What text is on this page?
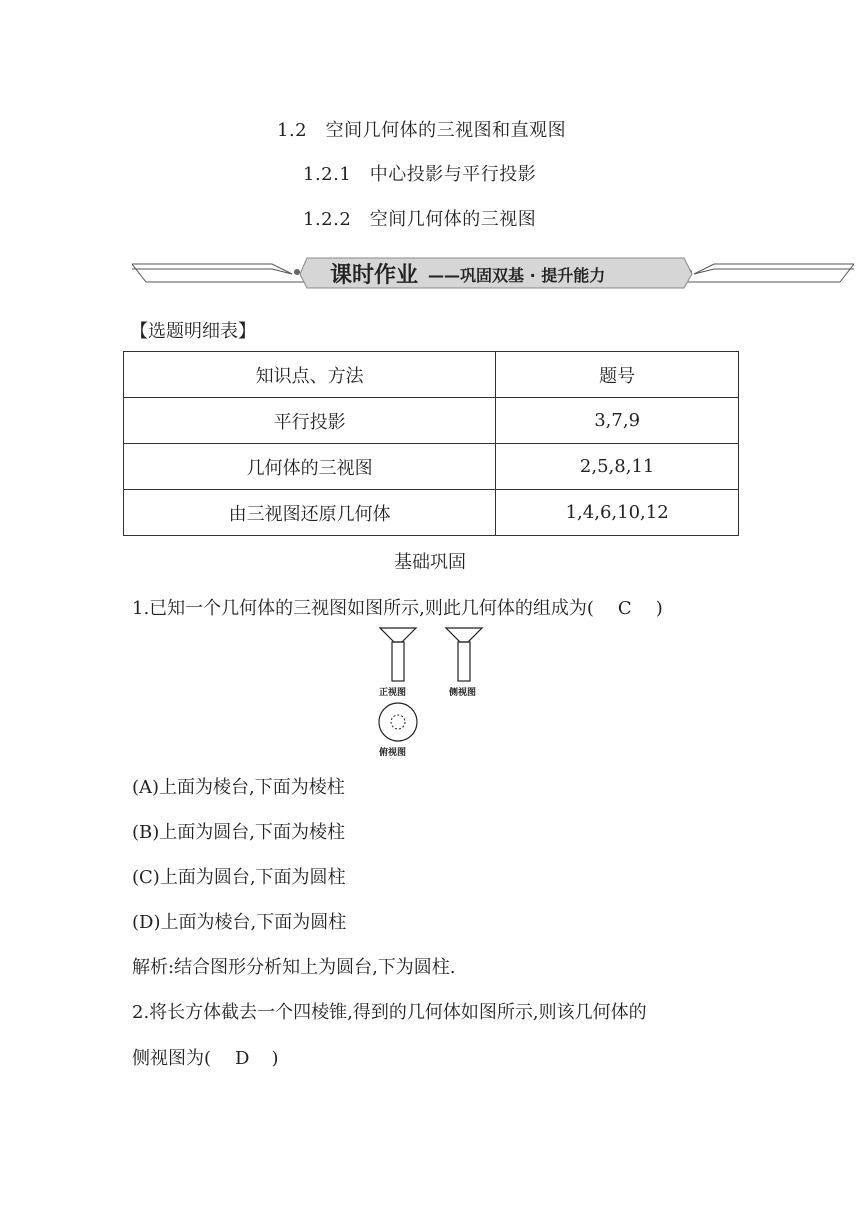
1.2　空间几何体的三视图和直观图
1.2.1　中心投影与平行投影
1.2.2　空间几何体的三视图
课时作业 ——巩固双基 · 提升能力
【选题明细表】
知识点、方法	题号
平行投影	3,7,9
几何体的三视图	2,5,8,11
由三视图还原几何体	1,4,6,10,12
基础巩固
1.已知一个几何体的三视图如图所示,则此几何体的组成为( C )
正视图	侧视图
俯视图
(A)上面为棱台,下面为棱柱
(B)上面为圆台,下面为棱柱
(C)上面为圆台,下面为圆柱
(D)上面为棱台,下面为圆柱
解析:结合图形分析知上为圆台,下为圆柱.
2.将长方体截去一个四棱锥,得到的几何体如图所示,则该几何体的
侧视图为( D )
